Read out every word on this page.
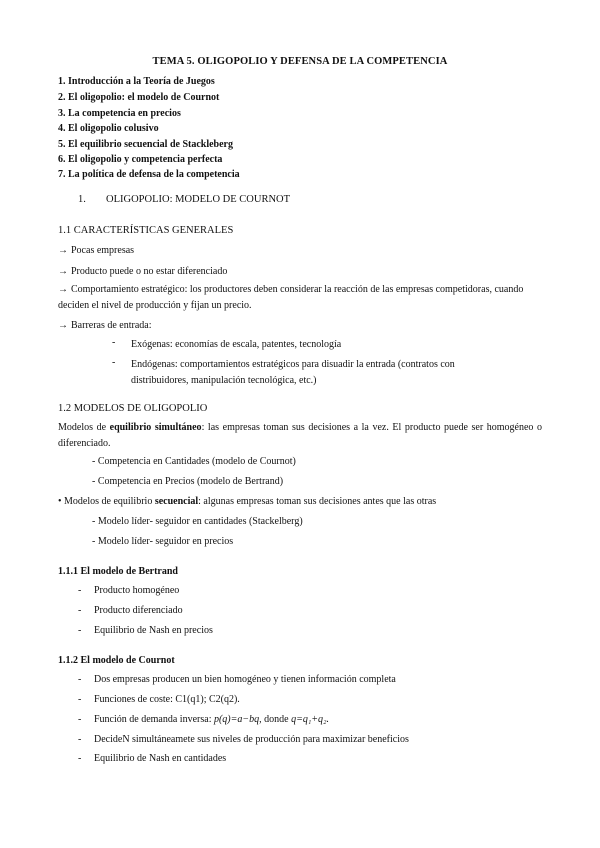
TEMA 5. OLIGOPOLIO Y DEFENSA DE LA COMPETENCIA
1. Introducción a la Teoría de Juegos
2. El oligopolio: el modelo de Cournot
3. La competencia en precios
4. El oligopolio colusivo
5. El equilibrio secuencial de Stackleberg
6. El oligopolio y competencia perfecta
7. La política de defensa de la competencia
1. OLIGOPOLIO: MODELO DE COURNOT
1.1 CARACTERÍSTICAS GENERALES
→ Pocas empresas
→ Producto puede o no estar diferenciado
→ Comportamiento estratégico: los productores deben considerar la reacción de las empresas competidoras, cuando deciden el nivel de producción y fijan un precio.
→ Barreras de entrada:
- Exógenas: economías de escala, patentes, tecnología
- Endógenas: comportamientos estratégicos para disuadir la entrada (contratos con distribuidores, manipulación tecnológica, etc.)
1.2 MODELOS DE OLIGOPOLIO
Modelos de equilibrio simultáneo: las empresas toman sus decisiones a la vez. El producto puede ser homogéneo o diferenciado.
- Competencia en Cantidades (modelo de Cournot)
- Competencia en Precios (modelo de Bertrand)
• Modelos de equilibrio secuencial: algunas empresas toman sus decisiones antes que las otras
- Modelo líder- seguidor en cantidades (Stackelberg)
- Modelo líder- seguidor en precios
1.1.1 El modelo de Bertrand
- Producto homogéneo
- Producto diferenciado
- Equilibrio de Nash en precios
1.1.2 El modelo de Cournot
- Dos empresas producen un bien homogéneo y tienen información completa
- Funciones de coste: C1(q1); C2(q2).
- Función de demanda inversa: p(q)=a−bq, donde q=q₁+q₂.
- DecideN simultáneamete sus niveles de producción para maximizar beneficios
- Equilibrio de Nash en cantidades
